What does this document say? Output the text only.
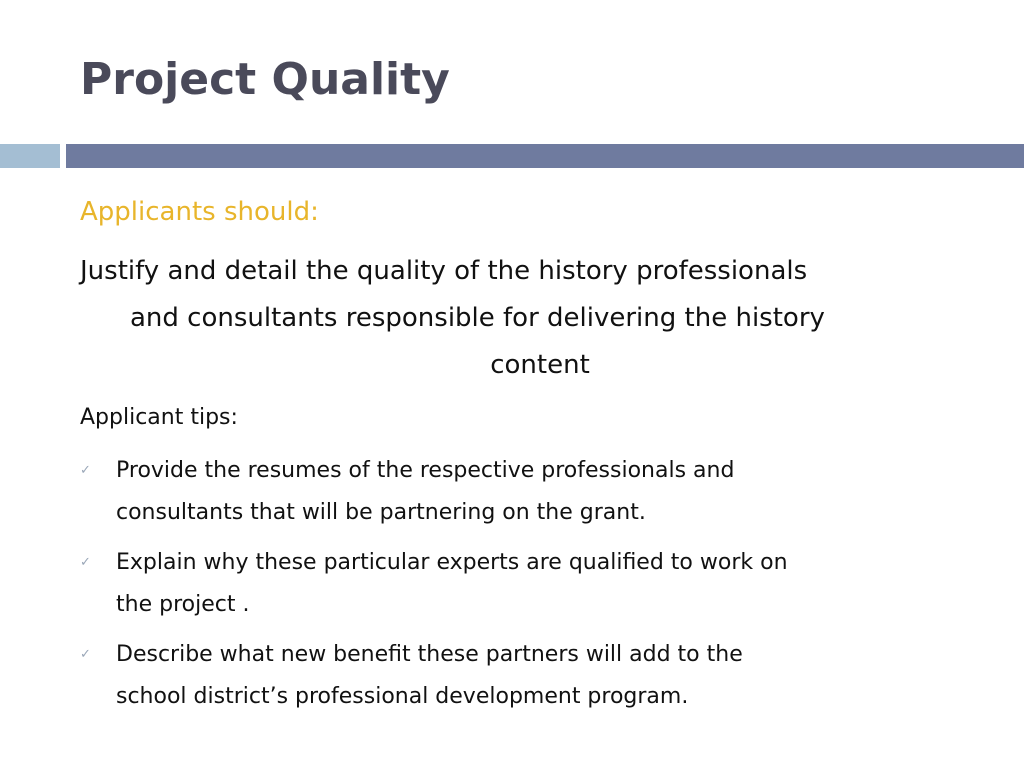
Project Quality

Applicants should:

Justify and detail the quality of the history professionals
and consultants responsible for delivering the history
content

Applicant tips:

✓ Provide the resumes of the respective professionals and
consultants that will be partnering on the grant.
✓ Explain why these particular experts are qualified to work on
the project .
✓ Describe what new benefit these partners will add to the
school district’s professional development program.
